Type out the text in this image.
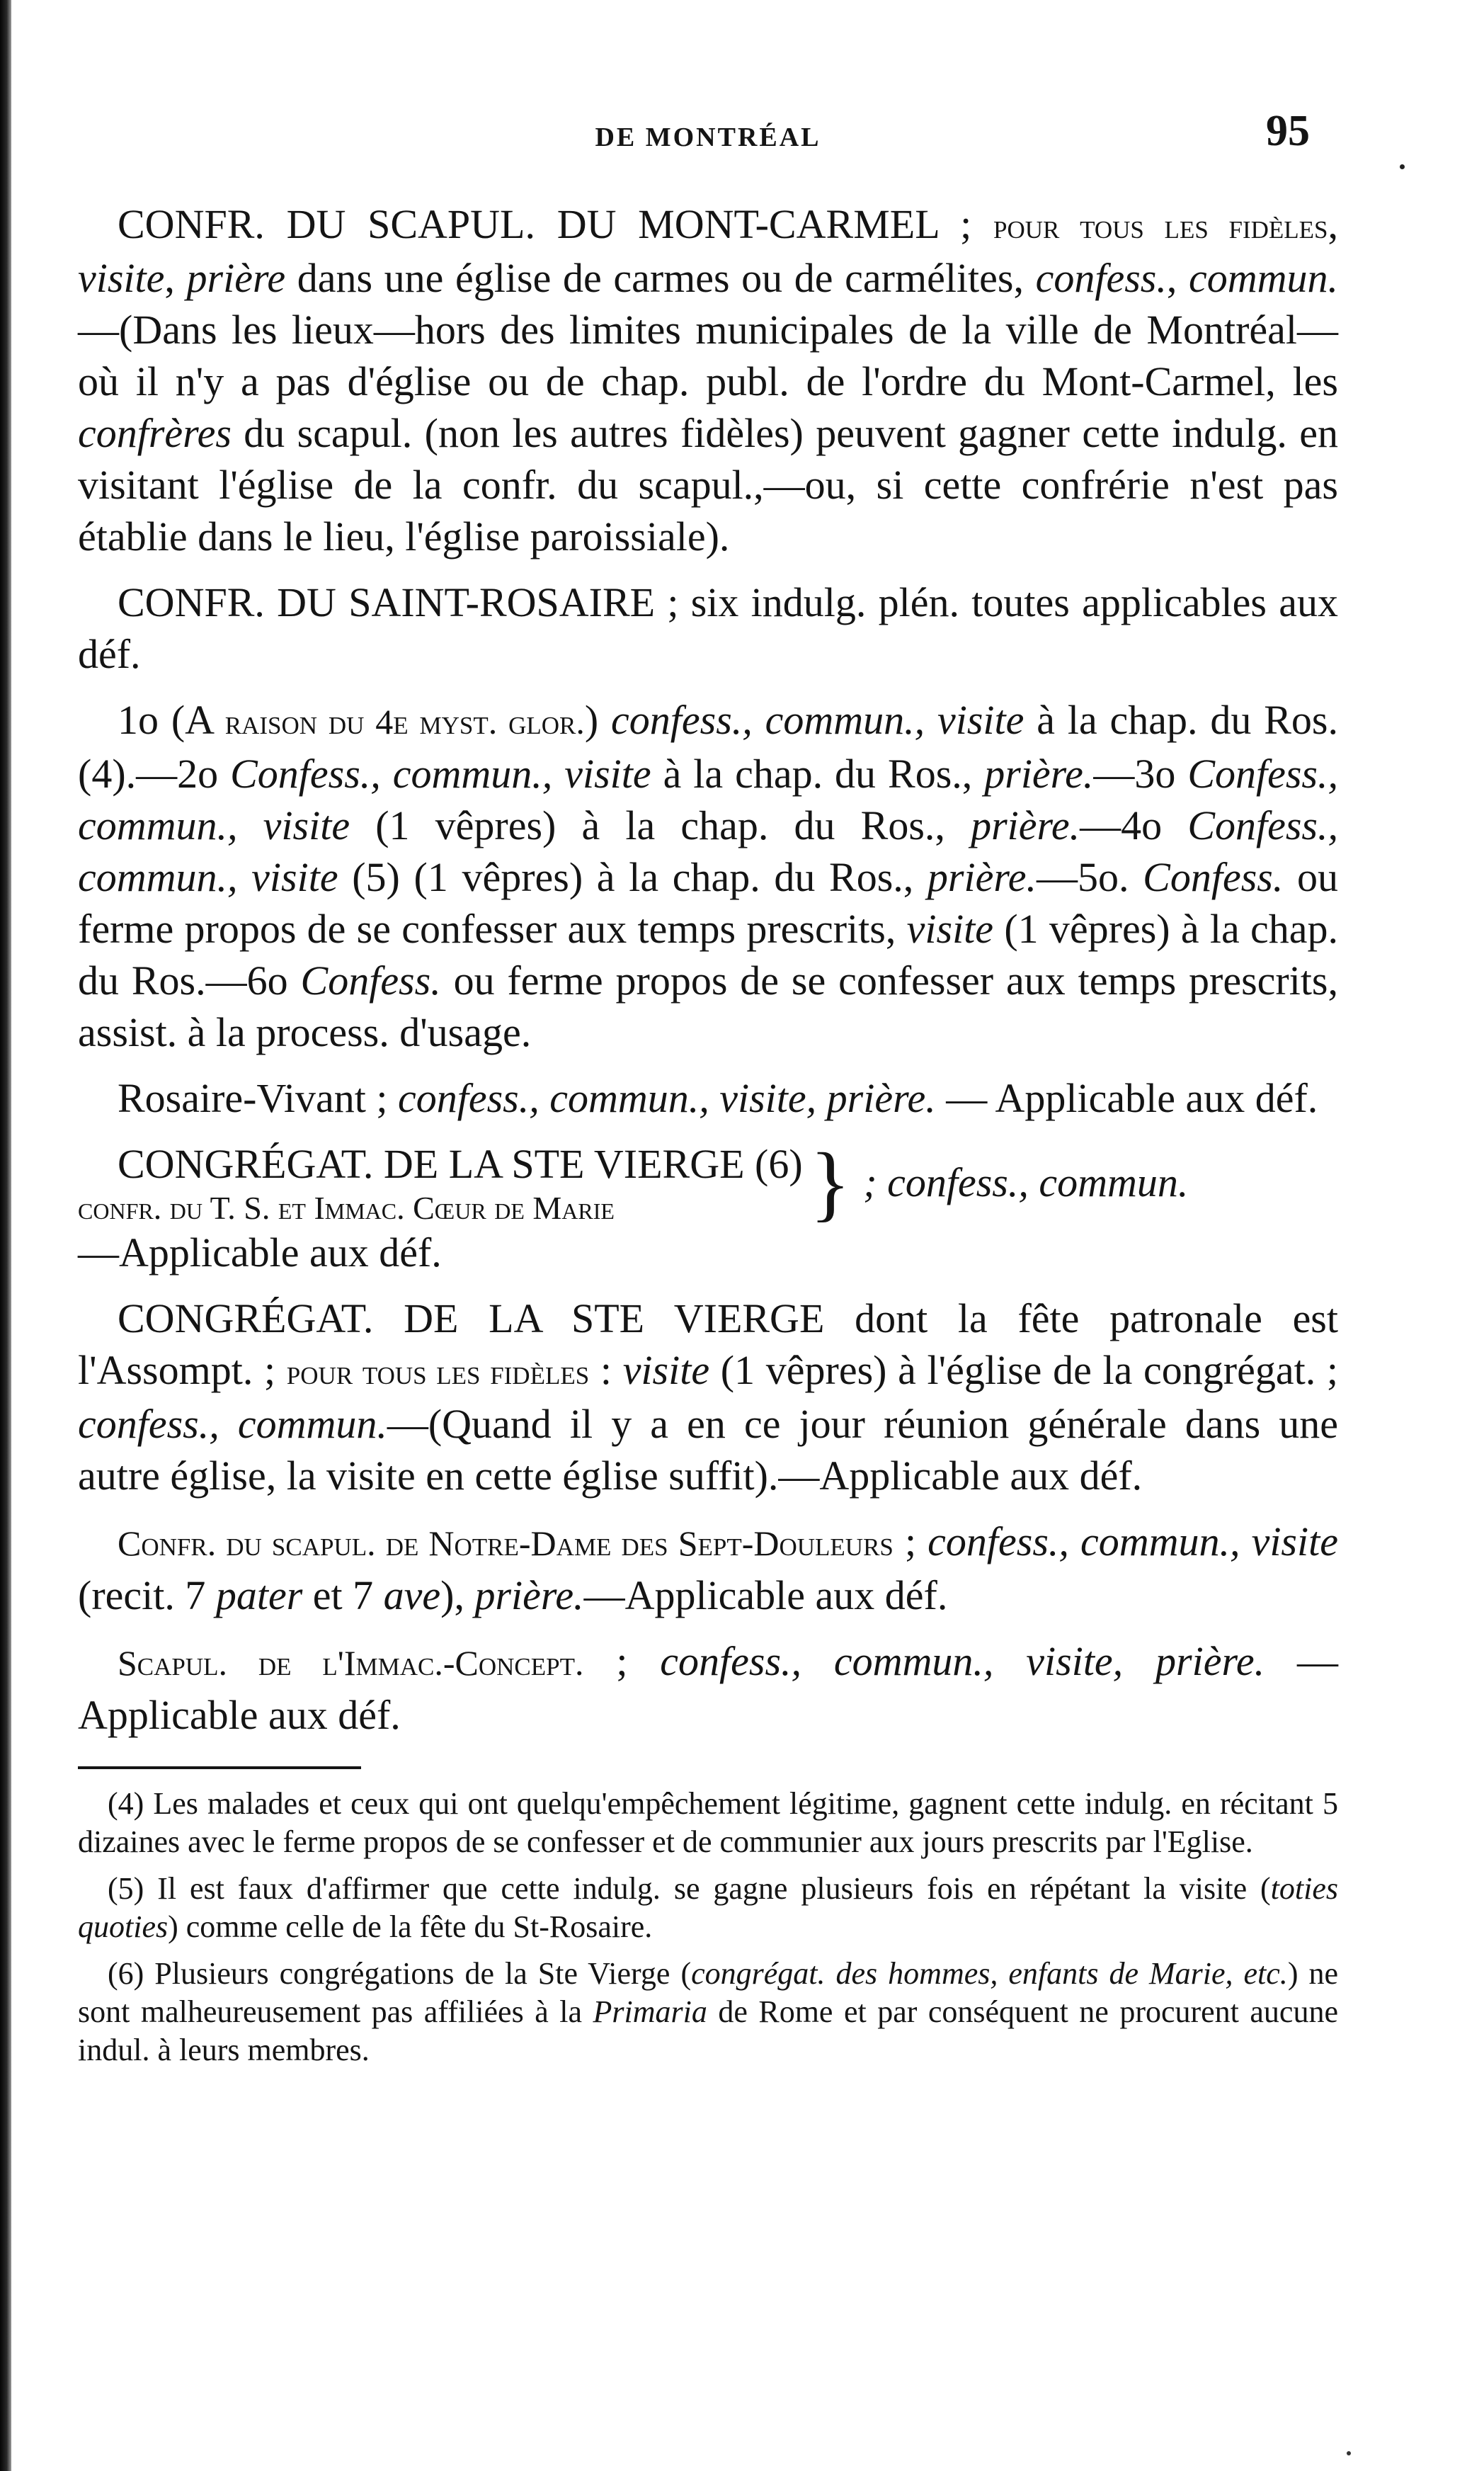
DE MONTRÉAL	95

CONFR. DU SCAPUL. DU MONT-CARMEL ; pour tous les fidèles, visite, prière dans une église de carmes ou de carmélites, confess., commun.—(Dans les lieux—hors des limites municipales de la ville de Montréal— où il n'y a pas d'église ou de chap. publ. de l'ordre du Mont-Carmel, les confrères du scapul. (non les autres fidèles) peuvent gagner cette indulg. en visitant l'église de la confr. du scapul.,—ou, si cette confrérie n'est pas établie dans le lieu, l'église paroissiale).

CONFR. DU SAINT-ROSAIRE ; six indulg. plén. toutes applicables aux déf.

1o (A raison du 4e myst. glor.) confess., commun., visite à la chap. du Ros. (4).—2o Confess., commun., visite à la chap. du Ros., prière.—3o Confess., commun., visite (1 vêpres) à la chap. du Ros., prière.—4o Confess., commun., visite (5) (1 vêpres) à la chap. du Ros., prière.—5o. Confess. ou ferme propos de se confesser aux temps prescrits, visite (1 vêpres) à la chap. du Ros.—6o Confess. ou ferme propos de se confesser aux temps prescrits, assist. à la process. d'usage.

Rosaire-Vivant ; confess., commun., visite, prière. — Applicable aux déf.

CONGRÉGAT. DE LA STE VIERGE (6)
confr. du T. S. et Immac. Cœur de Marie	} ; confess., commun.

—Applicable aux déf.

CONGRÉGAT. DE LA STE VIERGE dont la fête patronale est l'Assompt. ; pour tous les fidèles : visite (1 vêpres) à l'église de la congrégat. ; confess., commun.—(Quand il y a en ce jour réunion générale dans une autre église, la visite en cette église suffit).—Applicable aux déf.

Confr. du scapul. de Notre-Dame des Sept-Douleurs ; confess., commun., visite (recit. 7 pater et 7 ave), prière.—Applicable aux déf.

Scapul. de l'Immac.-Concept. ; confess., commun., visite, prière. — Applicable aux déf.

(4) Les malades et ceux qui ont quelqu'empêchement légitime, gagnent cette indulg. en récitant 5 dizaines avec le ferme propos de se confesser et de communier aux jours prescrits par l'Eglise.

(5) Il est faux d'affirmer que cette indulg. se gagne plusieurs fois en répétant la visite (toties quoties) comme celle de la fête du St-Rosaire.

(6) Plusieurs congrégations de la Ste Vierge (congrégat. des hommes, enfants de Marie, etc.) ne sont malheureusement pas affiliées à la Primaria de Rome et par conséquent ne procurent aucune indul. à leurs membres.
